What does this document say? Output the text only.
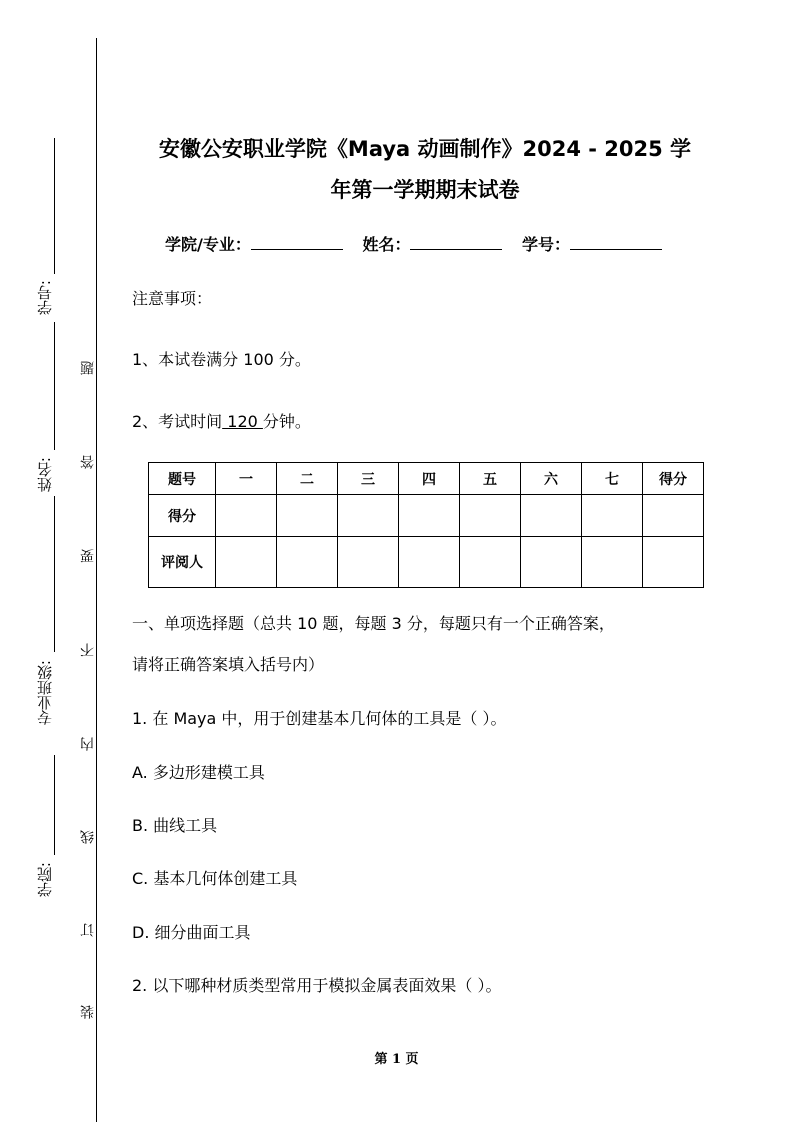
学号:
姓名:
专业班级:
学院:
题
答
要
不
内
线
订
装
安徽公安职业学院《Maya 动画制作》2024 - 2025 学
年第一学期期末试卷
学院/专业：	姓名：	学号：
注意事项：
1、本试卷满分 100 分。
2、考试时间 120 分钟。
题号	一	二	三	四	五	六	七	得分
得分								
评阅人								
一、单项选择题（总共 10 题，每题 3 分，每题只有一个正确答案，
请将正确答案填入括号内）
1. 在 Maya 中，用于创建基本几何体的工具是（ ）。
A. 多边形建模工具
B. 曲线工具
C. 基本几何体创建工具
D. 细分曲面工具
2. 以下哪种材质类型常用于模拟金属表面效果（ ）。
第 1 页
